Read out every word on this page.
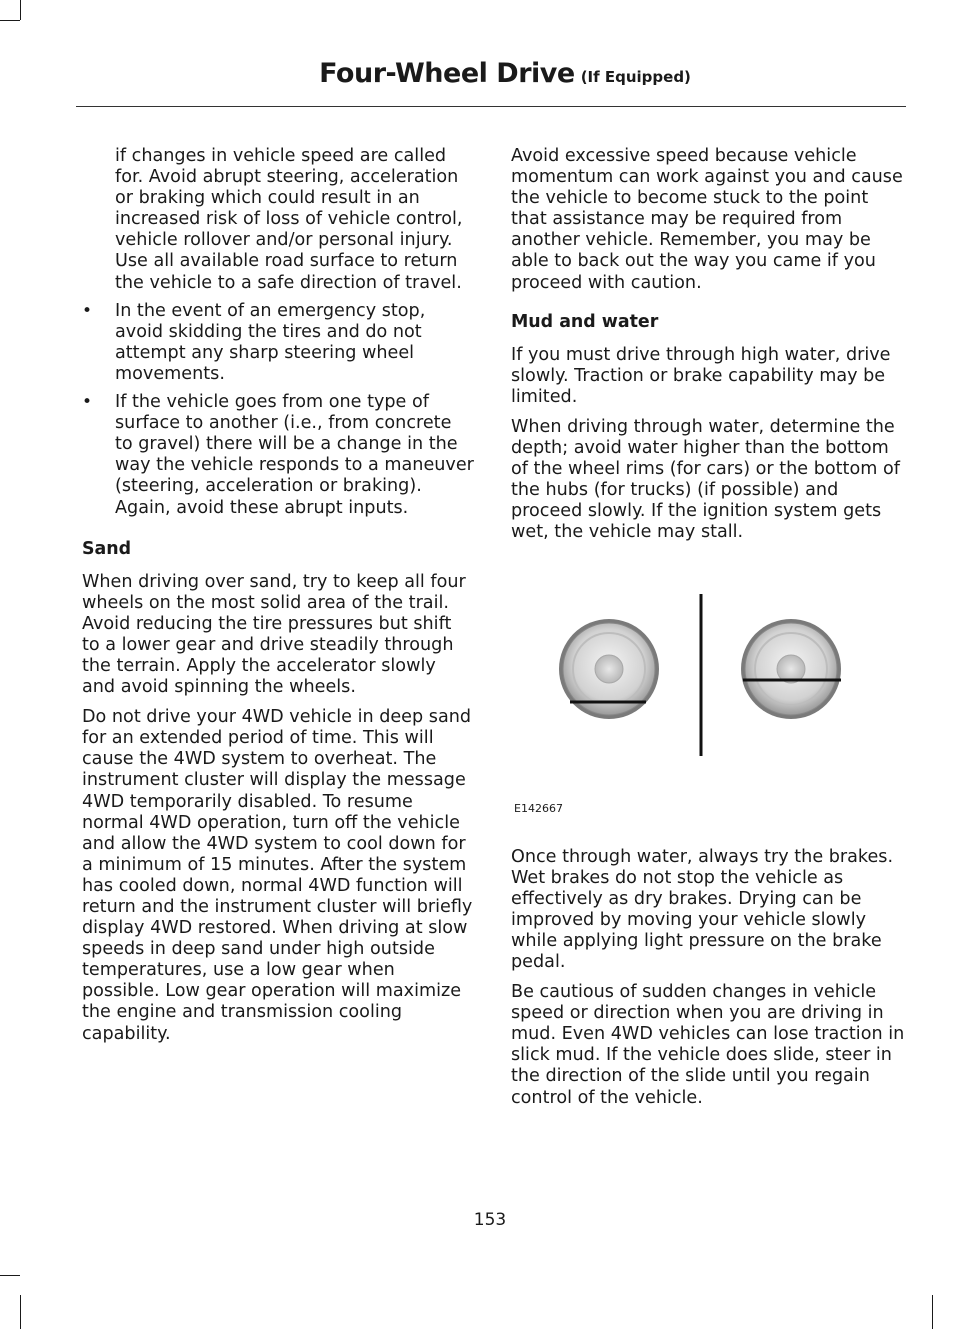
Four-Wheel Drive (If Equipped)

if changes in vehicle speed are called for. Avoid abrupt steering, acceleration or braking which could result in an increased risk of loss of vehicle control, vehicle rollover and/or personal injury. Use all available road surface to return the vehicle to a safe direction of travel.

• In the event of an emergency stop, avoid skidding the tires and do not attempt any sharp steering wheel movements.

• If the vehicle goes from one type of surface to another (i.e., from concrete to gravel) there will be a change in the way the vehicle responds to a maneuver (steering, acceleration or braking). Again, avoid these abrupt inputs.

Sand

When driving over sand, try to keep all four wheels on the most solid area of the trail. Avoid reducing the tire pressures but shift to a lower gear and drive steadily through the terrain. Apply the accelerator slowly and avoid spinning the wheels.

Do not drive your 4WD vehicle in deep sand for an extended period of time. This will cause the 4WD system to overheat. The instrument cluster will display the message 4WD temporarily disabled. To resume normal 4WD operation, turn off the vehicle and allow the 4WD system to cool down for a minimum of 15 minutes. After the system has cooled down, normal 4WD function will return and the instrument cluster will briefly display 4WD restored. When driving at slow speeds in deep sand under high outside temperatures, use a low gear when possible. Low gear operation will maximize the engine and transmission cooling capability.

Avoid excessive speed because vehicle momentum can work against you and cause the vehicle to become stuck to the point that assistance may be required from another vehicle. Remember, you may be able to back out the way you came if you proceed with caution.

Mud and water

If you must drive through high water, drive slowly. Traction or brake capability may be limited.

When driving through water, determine the depth; avoid water higher than the bottom of the wheel rims (for cars) or the bottom of the hubs (for trucks) (if possible) and proceed slowly. If the ignition system gets wet, the vehicle may stall.

E142667

Once through water, always try the brakes. Wet brakes do not stop the vehicle as effectively as dry brakes. Drying can be improved by moving your vehicle slowly while applying light pressure on the brake pedal.

Be cautious of sudden changes in vehicle speed or direction when you are driving in mud. Even 4WD vehicles can lose traction in slick mud. If the vehicle does slide, steer in the direction of the slide until you regain control of the vehicle.

153
